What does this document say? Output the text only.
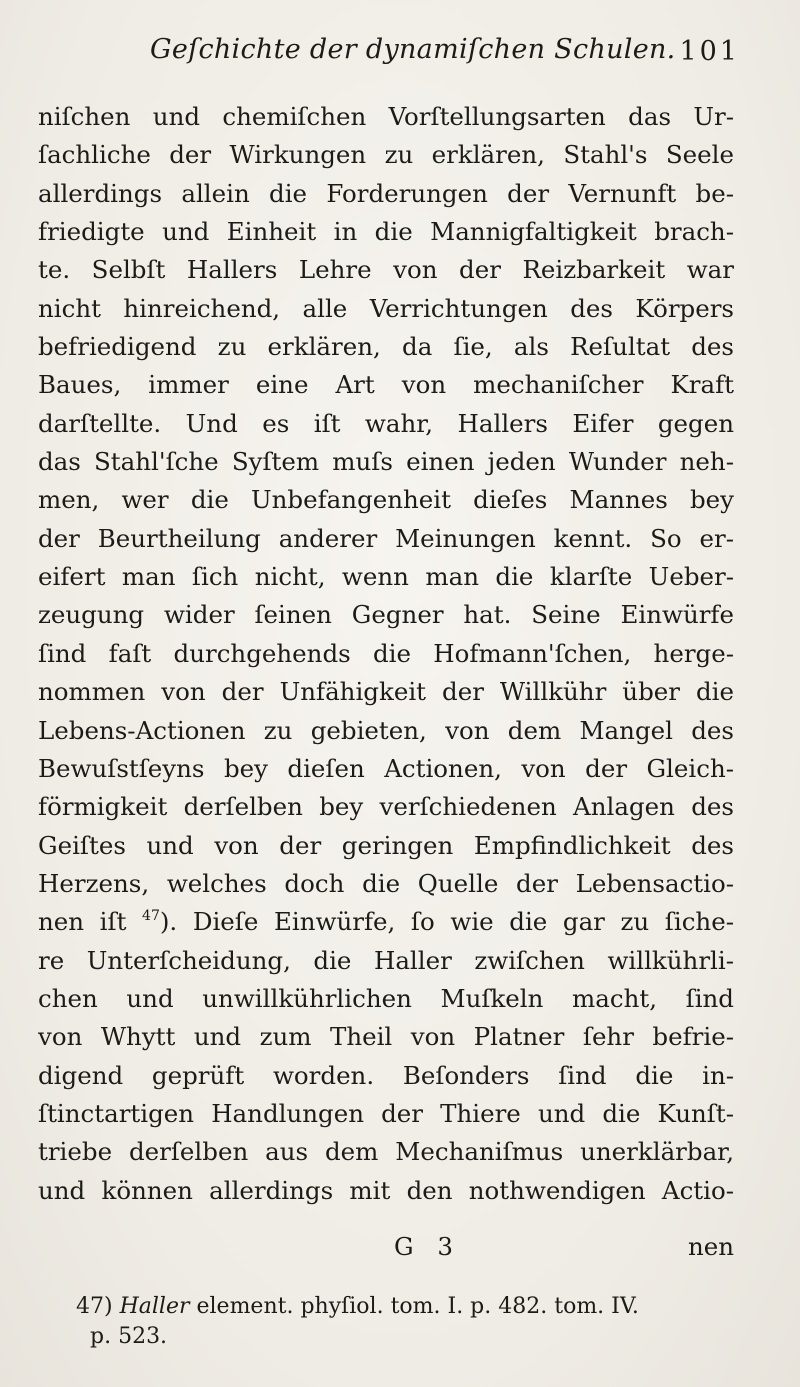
Geſchichte der dynamiſchen Schulen. 101
niſchen und chemiſchen Vorſtellungsarten das Ur-
ſachliche der Wirkungen zu erklären, Stahl's Seele
allerdings allein die Forderungen der Vernunft be-
friedigte und Einheit in die Mannigfaltigkeit brach-
te. Selbſt Hallers Lehre von der Reizbarkeit war
nicht hinreichend, alle Verrichtungen des Körpers
befriedigend zu erklären, da ſie, als Reſultat des
Baues, immer eine Art von mechaniſcher Kraft
darſtellte. Und es iſt wahr, Hallers Eifer gegen
das Stahl'ſche Syſtem muſs einen jeden Wunder neh-
men, wer die Unbefangenheit dieſes Mannes bey
der Beurtheilung anderer Meinungen kennt. So er-
eifert man ſich nicht, wenn man die klarſte Ueber-
zeugung wider ſeinen Gegner hat. Seine Einwürfe
ſind faſt durchgehends die Hofmann'ſchen, herge-
nommen von der Unfähigkeit der Willkühr über die
Lebens-Actionen zu gebieten, von dem Mangel des
Bewuſstſeyns bey dieſen Actionen, von der Gleich-
förmigkeit derſelben bey verſchiedenen Anlagen des
Geiſtes und von der geringen Empfindlichkeit des
Herzens, welches doch die Quelle der Lebensactio-
nen iſt $^{47}$). Dieſe Einwürfe, ſo wie die gar zu ſiche-
re Unterſcheidung, die Haller zwiſchen willkührli-
chen und unwillkührlichen Muſkeln macht, ſind
von Whytt und zum Theil von Platner ſehr befrie-
digend geprüft worden. Beſonders ſind die in-
ſtinctartigen Handlungen der Thiere und die Kunſt-
triebe derſelben aus dem Mechaniſmus unerklärbar,
und können allerdings mit den nothwendigen Actio-
G 3	nen
47) Haller element. phyſiol. tom. I. p. 482. tom. IV.
p. 523.
